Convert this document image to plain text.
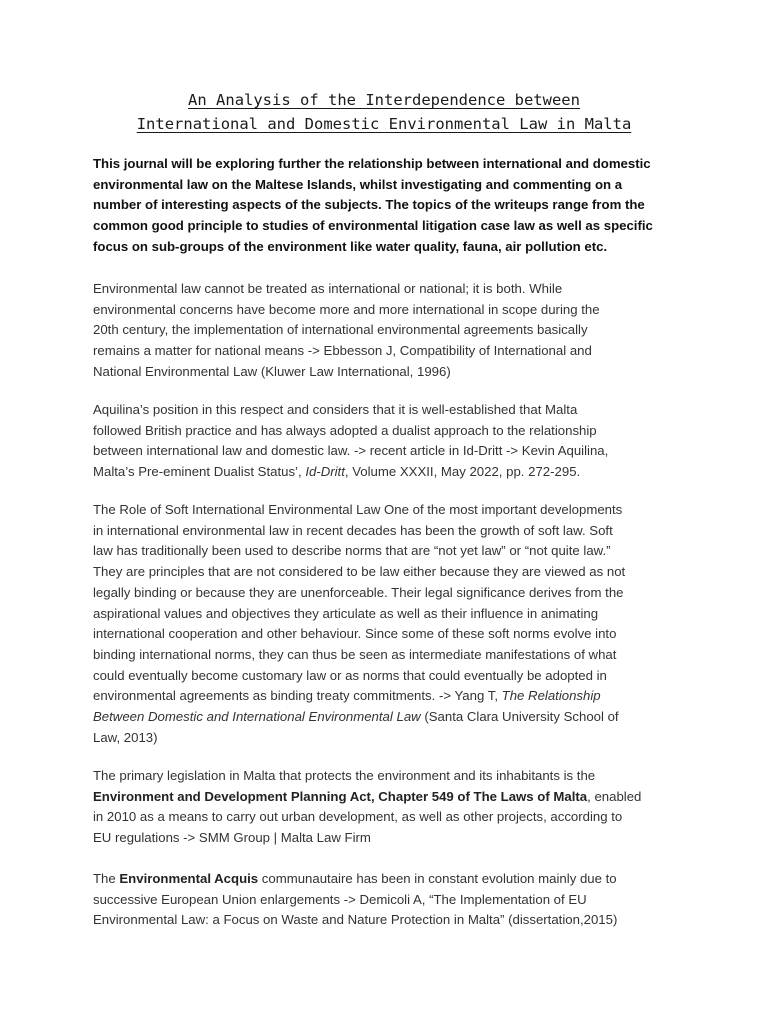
An Analysis of the Interdependence between
International and Domestic Environmental Law in Malta
This journal will be exploring further the relationship between international and domestic
environmental law on the Maltese Islands, whilst investigating and commenting on a
number of interesting aspects of the subjects. The topics of the writeups range from the
common good principle to studies of environmental litigation case law as well as specific
focus on sub-groups of the environment like water quality, fauna, air pollution etc.
Environmental law cannot be treated as international or national; it is both. While
environmental concerns have become more and more international in scope during the
20th century, the implementation of international environmental agreements basically
remains a matter for national means -> Ebbesson J, Compatibility of International and
National Environmental Law (Kluwer Law International, 1996)
Aquilina’s position in this respect and considers that it is well-established that Malta
followed British practice and has always adopted a dualist approach to the relationship
between international law and domestic law. -> recent article in Id-Dritt -> Kevin Aquilina,
Malta’s Pre-eminent Dualist Status’, Id-Dritt, Volume XXXII, May 2022, pp. 272-295.
The Role of Soft International Environmental Law One of the most important developments
in international environmental law in recent decades has been the growth of soft law. Soft
law has traditionally been used to describe norms that are “not yet law” or “not quite law.”
They are principles that are not considered to be law either because they are viewed as not
legally binding or because they are unenforceable. Their legal significance derives from the
aspirational values and objectives they articulate as well as their influence in animating
international cooperation and other behaviour. Since some of these soft norms evolve into
binding international norms, they can thus be seen as intermediate manifestations of what
could eventually become customary law or as norms that could eventually be adopted in
environmental agreements as binding treaty commitments. -> Yang T, The Relationship
Between Domestic and International Environmental Law (Santa Clara University School of
Law, 2013)
The primary legislation in Malta that protects the environment and its inhabitants is the
Environment and Development Planning Act, Chapter 549 of The Laws of Malta, enabled
in 2010 as a means to carry out urban development, as well as other projects, according to
EU regulations -> SMM Group | Malta Law Firm
The Environmental Acquis communautaire has been in constant evolution mainly due to
successive European Union enlargements -> Demicoli A, “The Implementation of EU
Environmental Law: a Focus on Waste and Nature Protection in Malta” (dissertation,2015)
